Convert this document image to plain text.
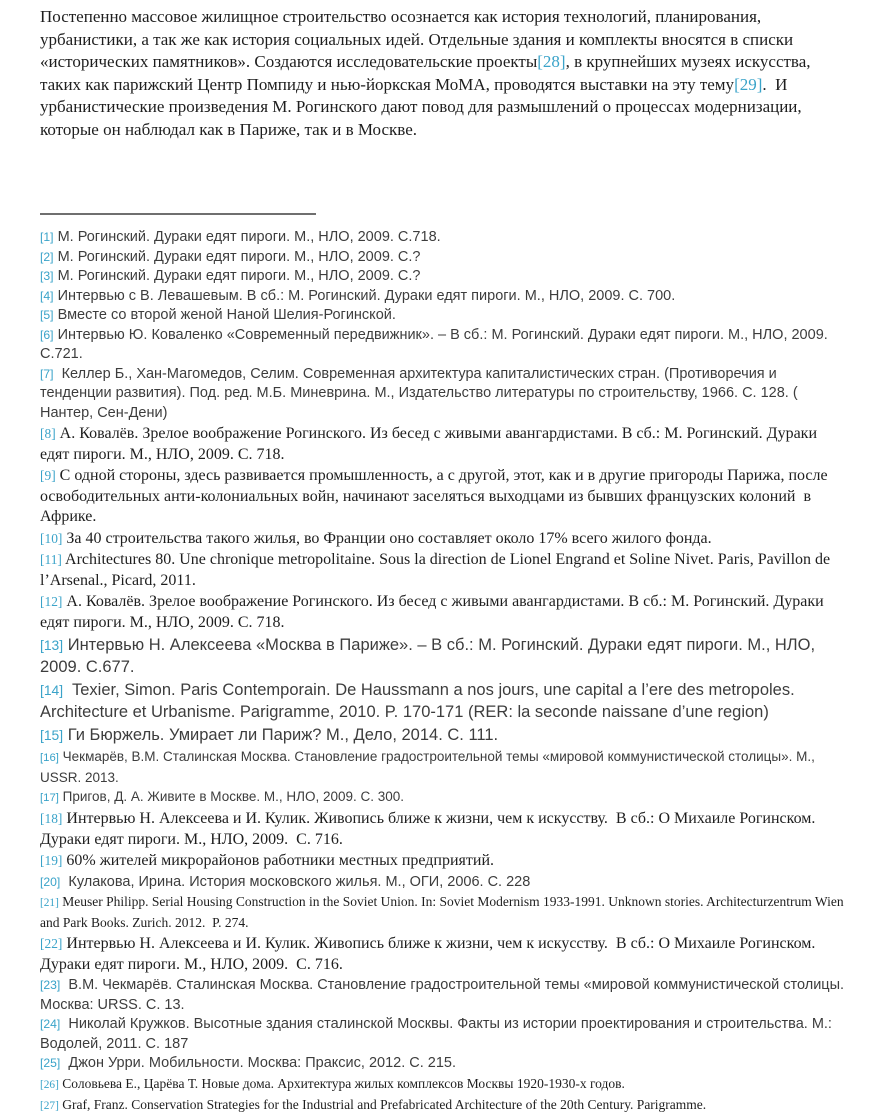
Постепенно массовое жилищное строительство осознается как история технологий, планирования, урбанистики, а так же как история социальных идей. Отдельные здания и комплекты вносятся в списки «исторических памятников». Создаются исследовательские проекты[28], в крупнейших музеях искусства, таких как парижский Центр Помпиду и нью-йоркская МоМА, проводятся выставки на эту тему[29].  И урбанистические произведения М. Рогинского дают повод для размышлений о процессах модернизации, которые он наблюдал как в Париже, так и в Москве.

[1] М. Рогинский. Дураки едят пироги. М., НЛО, 2009. С.718.
[2] М. Рогинский. Дураки едят пироги. М., НЛО, 2009. С.?
[3] М. Рогинский. Дураки едят пироги. М., НЛО, 2009. С.?
[4] Интервью с В. Левашевым. В сб.: М. Рогинский. Дураки едят пироги. М., НЛО, 2009. С. 700.
[5] Вместе со второй женой Наной Шелия-Рогинской.
[6] Интервью Ю. Коваленко «Современный передвижник». – В сб.: М. Рогинский. Дураки едят пироги. М., НЛО, 2009. С.721.
[7]  Келлер Б., Хан-Магомедов, Селим. Современная архитектура капиталистических стран. (Противоречия и тенденции развития). Под. ред. М.Б. Миневрина. М., Издательство литературы по строительству, 1966. С. 128. ( Нантер, Сен-Дени)
[8] А. Ковалёв. Зрелое воображение Рогинского. Из бесед с живыми авангардистами. В сб.: М. Рогинский. Дураки едят пироги. М., НЛО, 2009. С. 718.
[9] С одной стороны, здесь развивается промышленность, а с другой, этот, как и в другие пригороды Парижа, после освободительных анти-колониальных войн, начинают заселяться выходцами из бывших французских колоний  в Африке.
[10] За 40 строительства такого жилья, во Франции оно составляет около 17% всего жилого фонда.
[11] Architectures 80. Une chronique metropolitaine. Sous la direction de Lionel Engrand et Soline Nivet. Paris, Pavillon de l’Arsenal., Picard, 2011.
[12] А. Ковалёв. Зрелое воображение Рогинского. Из бесед с живыми авангардистами. В сб.: М. Рогинский. Дураки едят пироги. М., НЛО, 2009. С. 718.
[13] Интервью Н. Алексеева «Москва в Париже». – В сб.: М. Рогинский. Дураки едят пироги. М., НЛО, 2009. С.677.
[14]  Texier, Simon. Paris Contemporain. De Haussmann a nos jours, une capital a l’ere des metropoles. Architecture et Urbanisme. Parigramme, 2010. P. 170-171 (RER: la seconde naissane d’une region)
[15] Ги Бюржель. Умирает ли Париж? М., Дело, 2014. С. 111.
[16] Чекмарёв, В.М. Сталинская Москва. Становление градостроительной темы «мировой коммунистической столицы». М., USSR. 2013.
[17] Пригов, Д. А. Живите в Москве. М., НЛО, 2009. С. 300.
[18] Интервью Н. Алексеева и И. Кулик. Живопись ближе к жизни, чем к искусству.  В сб.: О Михаиле Рогинском.  Дураки едят пироги. М., НЛО, 2009.  С. 716.
[19] 60% жителей микрорайонов работники местных предприятий.
[20]  Кулакова, Ирина. История московского жилья. М., ОГИ, 2006. С. 228
[21] Meuser Philipp. Serial Housing Construction in the Soviet Union. In: Soviet Modernism 1933-1991. Unknown stories. Architecturzentrum Wien and Park Books. Zurich. 2012.  P. 274.
[22] Интервью Н. Алексеева и И. Кулик. Живопись ближе к жизни, чем к искусству.  В сб.: О Михаиле Рогинском.  Дураки едят пироги. М., НЛО, 2009.  С. 716.
[23]  В.М. Чекмарёв. Сталинская Москва. Становление градостроительной темы «мировой коммунистической столицы. Москва: URSS. С. 13.
[24]  Николай Кружков. Высотные здания сталинской Москвы. Факты из истории проектирования и строительства. М.: Водолей, 2011. С. 187
[25]  Джон Урри. Мобильности. Москва: Праксис, 2012. С. 215.
[26] Соловьева Е., Царёва Т. Новые дома. Архитектура жилых комплексов Москвы 1920-1930-х годов.
[27] Graf, Franz. Conservation Strategies for the Industrial and Prefabricated Architecture of the 20th Century. Parigramme.
